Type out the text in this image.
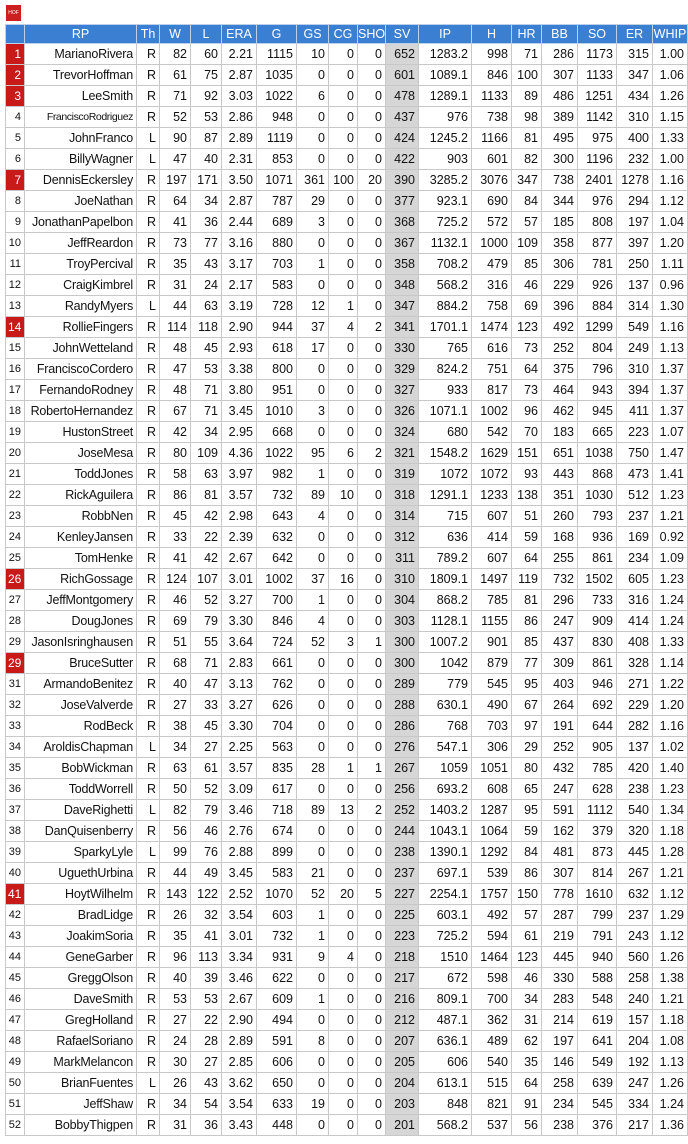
HOF
	RP	Th	W	L	ERA	G	GS	CG	SHO	SV	IP	H	HR	BB	SO	ER	WHIP
1	MarianoRivera	R	82	60	2.21	1115	10	0	0	652	1283.2	998	71	286	1173	315	1.00
2	TrevorHoffman	R	61	75	2.87	1035	0	0	0	601	1089.1	846	100	307	1133	347	1.06
3	LeeSmith	R	71	92	3.03	1022	6	0	0	478	1289.1	1133	89	486	1251	434	1.26
4	FranciscoRodriguez	R	52	53	2.86	948	0	0	0	437	976	738	98	389	1142	310	1.15
5	JohnFranco	L	90	87	2.89	1119	0	0	0	424	1245.2	1166	81	495	975	400	1.33
6	BillyWagner	L	47	40	2.31	853	0	0	0	422	903	601	82	300	1196	232	1.00
7	DennisEckersley	R	197	171	3.50	1071	361	100	20	390	3285.2	3076	347	738	2401	1278	1.16
8	JoeNathan	R	64	34	2.87	787	29	0	0	377	923.1	690	84	344	976	294	1.12
9	JonathanPapelbon	R	41	36	2.44	689	3	0	0	368	725.2	572	57	185	808	197	1.04
10	JeffReardon	R	73	77	3.16	880	0	0	0	367	1132.1	1000	109	358	877	397	1.20
11	TroyPercival	R	35	43	3.17	703	1	0	0	358	708.2	479	85	306	781	250	1.11
12	CraigKimbrel	R	31	24	2.17	583	0	0	0	348	568.2	316	46	229	926	137	0.96
13	RandyMyers	L	44	63	3.19	728	12	1	0	347	884.2	758	69	396	884	314	1.30
14	RollieFingers	R	114	118	2.90	944	37	4	2	341	1701.1	1474	123	492	1299	549	1.16
15	JohnWetteland	R	48	45	2.93	618	17	0	0	330	765	616	73	252	804	249	1.13
16	FranciscoCordero	R	47	53	3.38	800	0	0	0	329	824.2	751	64	375	796	310	1.37
17	FernandoRodney	R	48	71	3.80	951	0	0	0	327	933	817	73	464	943	394	1.37
18	RobertoHernandez	R	67	71	3.45	1010	3	0	0	326	1071.1	1002	96	462	945	411	1.37
19	HustonStreet	R	42	34	2.95	668	0	0	0	324	680	542	70	183	665	223	1.07
20	JoseMesa	R	80	109	4.36	1022	95	6	2	321	1548.2	1629	151	651	1038	750	1.47
21	ToddJones	R	58	63	3.97	982	1	0	0	319	1072	1072	93	443	868	473	1.41
22	RickAguilera	R	86	81	3.57	732	89	10	0	318	1291.1	1233	138	351	1030	512	1.23
23	RobbNen	R	45	42	2.98	643	4	0	0	314	715	607	51	260	793	237	1.21
24	KenleyJansen	R	33	22	2.39	632	0	0	0	312	636	414	59	168	936	169	0.92
25	TomHenke	R	41	42	2.67	642	0	0	0	311	789.2	607	64	255	861	234	1.09
26	RichGossage	R	124	107	3.01	1002	37	16	0	310	1809.1	1497	119	732	1502	605	1.23
27	JeffMontgomery	R	46	52	3.27	700	1	0	0	304	868.2	785	81	296	733	316	1.24
28	DougJones	R	69	79	3.30	846	4	0	0	303	1128.1	1155	86	247	909	414	1.24
29	JasonIsringhausen	R	51	55	3.64	724	52	3	1	300	1007.2	901	85	437	830	408	1.33
29	BruceSutter	R	68	71	2.83	661	0	0	0	300	1042	879	77	309	861	328	1.14
31	ArmandoBenitez	R	40	47	3.13	762	0	0	0	289	779	545	95	403	946	271	1.22
32	JoseValverde	R	27	33	3.27	626	0	0	0	288	630.1	490	67	264	692	229	1.20
33	RodBeck	R	38	45	3.30	704	0	0	0	286	768	703	97	191	644	282	1.16
34	AroldisChapman	L	34	27	2.25	563	0	0	0	276	547.1	306	29	252	905	137	1.02
35	BobWickman	R	63	61	3.57	835	28	1	1	267	1059	1051	80	432	785	420	1.40
36	ToddWorrell	R	50	52	3.09	617	0	0	0	256	693.2	608	65	247	628	238	1.23
37	DaveRighetti	L	82	79	3.46	718	89	13	2	252	1403.2	1287	95	591	1112	540	1.34
38	DanQuisenberry	R	56	46	2.76	674	0	0	0	244	1043.1	1064	59	162	379	320	1.18
39	SparkyLyle	L	99	76	2.88	899	0	0	0	238	1390.1	1292	84	481	873	445	1.28
40	UguethUrbina	R	44	49	3.45	583	21	0	0	237	697.1	539	86	307	814	267	1.21
41	HoytWilhelm	R	143	122	2.52	1070	52	20	5	227	2254.1	1757	150	778	1610	632	1.12
42	BradLidge	R	26	32	3.54	603	1	0	0	225	603.1	492	57	287	799	237	1.29
43	JoakimSoria	R	35	41	3.01	732	1	0	0	223	725.2	594	61	219	791	243	1.12
44	GeneGarber	R	96	113	3.34	931	9	4	0	218	1510	1464	123	445	940	560	1.26
45	GreggOlson	R	40	39	3.46	622	0	0	0	217	672	598	46	330	588	258	1.38
46	DaveSmith	R	53	53	2.67	609	1	0	0	216	809.1	700	34	283	548	240	1.21
47	GregHolland	R	27	22	2.90	494	0	0	0	212	487.1	362	31	214	619	157	1.18
48	RafaelSoriano	R	24	28	2.89	591	8	0	0	207	636.1	489	62	197	641	204	1.08
49	MarkMelancon	R	30	27	2.85	606	0	0	0	205	606	540	35	146	549	192	1.13
50	BrianFuentes	L	26	43	3.62	650	0	0	0	204	613.1	515	64	258	639	247	1.26
51	JeffShaw	R	34	54	3.54	633	19	0	0	203	848	821	91	234	545	334	1.24
52	BobbyThigpen	R	31	36	3.43	448	0	0	0	201	568.2	537	56	238	376	217	1.36
